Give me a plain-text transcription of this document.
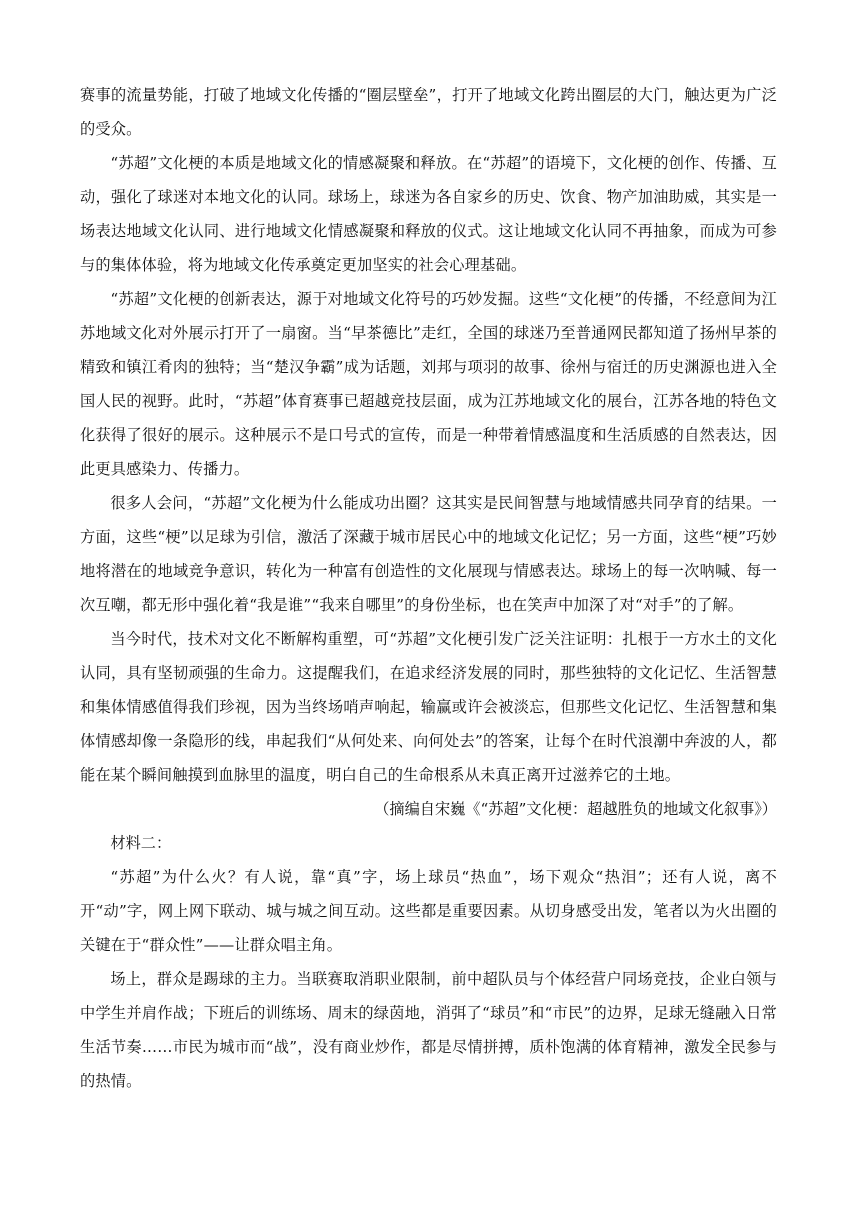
赛事的流量势能，打破了地域文化传播的“圈层壁垒”，打开了地域文化跨出圈层的大门，触达更为广泛的受众。

“苏超”文化梗的本质是地域文化的情感凝聚和释放。在“苏超”的语境下，文化梗的创作、传播、互动，强化了球迷对本地文化的认同。球场上，球迷为各自家乡的历史、饮食、物产加油助威，其实是一场表达地域文化认同、进行地域文化情感凝聚和释放的仪式。这让地域文化认同不再抽象，而成为可参与的集体体验，将为地域文化传承奠定更加坚实的社会心理基础。

“苏超”文化梗的创新表达，源于对地域文化符号的巧妙发掘。这些“文化梗”的传播，不经意间为江苏地域文化对外展示打开了一扇窗。当“早茶德比”走红，全国的球迷乃至普通网民都知道了扬州早茶的精致和镇江肴肉的独特；当“楚汉争霸”成为话题，刘邦与项羽的故事、徐州与宿迁的历史渊源也进入全国人民的视野。此时，“苏超”体育赛事已超越竞技层面，成为江苏地域文化的展台，江苏各地的特色文化获得了很好的展示。这种展示不是口号式的宣传，而是一种带着情感温度和生活质感的自然表达，因此更具感染力、传播力。

很多人会问，“苏超”文化梗为什么能成功出圈？这其实是民间智慧与地域情感共同孕育的结果。一方面，这些“梗”以足球为引信，激活了深藏于城市居民心中的地域文化记忆；另一方面，这些“梗”巧妙地将潜在的地域竞争意识，转化为一种富有创造性的文化展现与情感表达。球场上的每一次呐喊、每一次互嘲，都无形中强化着“我是谁”“我来自哪里”的身份坐标，也在笑声中加深了对“对手”的了解。

当今时代，技术对文化不断解构重塑，可“苏超”文化梗引发广泛关注证明：扎根于一方水土的文化认同，具有坚韧顽强的生命力。这提醒我们，在追求经济发展的同时，那些独特的文化记忆、生活智慧和集体情感值得我们珍视，因为当终场哨声响起，输赢或许会被淡忘，但那些文化记忆、生活智慧和集体情感却像一条隐形的线，串起我们“从何处来、向何处去”的答案，让每个在时代浪潮中奔波的人，都能在某个瞬间触摸到血脉里的温度，明白自己的生命根系从未真正离开过滋养它的土地。

（摘编自宋巍《“苏超”文化梗：超越胜负的地域文化叙事》）

材料二：

“苏超”为什么火？有人说，靠“真”字，场上球员“热血”，场下观众“热泪”；还有人说，离不开“动”字，网上网下联动、城与城之间互动。这些都是重要因素。从切身感受出发，笔者以为火出圈的关键在于“群众性”——让群众唱主角。

场上，群众是踢球的主力。当联赛取消职业限制，前中超队员与个体经营户同场竞技，企业白领与中学生并肩作战；下班后的训练场、周末的绿茵地，消弭了“球员”和“市民”的边界，足球无缝融入日常生活节奏……市民为城市而“战”，没有商业炒作，都是尽情拼搏，质朴饱满的体育精神，激发全民参与的热情。
